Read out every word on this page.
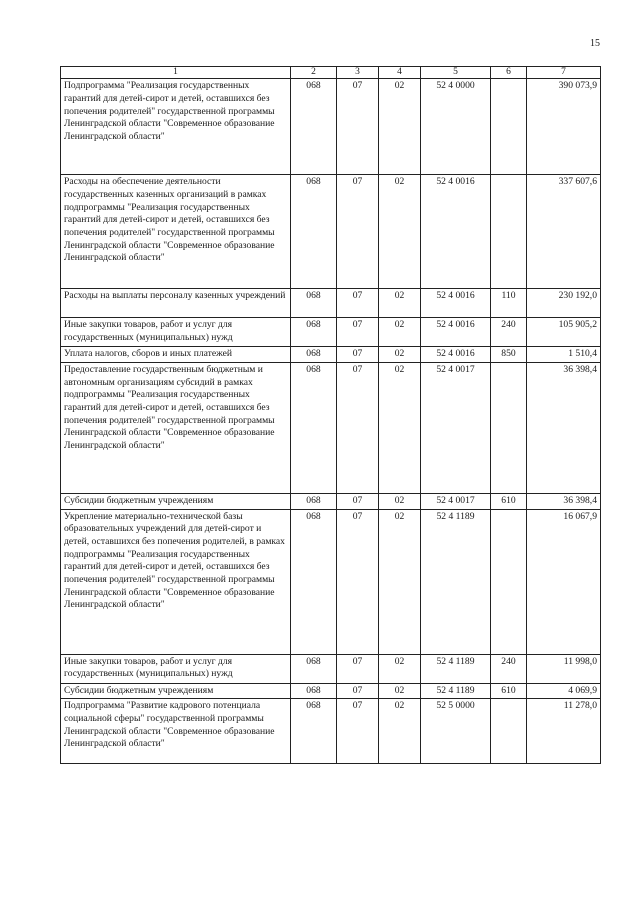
15
1	2	3	4	5	6	7
Подпрограмма "Реализация государственных гарантий для детей-сирот и детей, оставшихся без попечения родителей" государственной программы Ленинградской области "Современное образование Ленинградской области"	068	07	02	52 4 0000		390 073,9
Расходы на обеспечение деятельности государственных казенных организаций в рамках подпрограммы "Реализация государственных гарантий для детей-сирот и детей, оставшихся без попечения родителей" государственной программы Ленинградской области "Современное образование Ленинградской области"	068	07	02	52 4 0016		337 607,6
Расходы на выплаты персоналу казенных учреждений	068	07	02	52 4 0016	110	230 192,0
Иные закупки товаров, работ и услуг для государственных (муниципальных) нужд	068	07	02	52 4 0016	240	105 905,2
Уплата налогов, сборов и иных платежей	068	07	02	52 4 0016	850	1 510,4
Предоставление государственным бюджетным и автономным организациям субсидий в рамках подпрограммы "Реализация государственных гарантий для детей-сирот и детей, оставшихся без попечения родителей" государственной программы Ленинградской области "Современное образование Ленинградской области"	068	07	02	52 4 0017		36 398,4
Субсидии бюджетным учреждениям	068	07	02	52 4 0017	610	36 398,4
Укрепление материально-технической базы образовательных учреждений для детей-сирот и детей, оставшихся без попечения родителей, в рамках подпрограммы "Реализация государственных гарантий для детей-сирот и детей, оставшихся без попечения родителей" государственной программы Ленинградской области "Современное образование Ленинградской области"	068	07	02	52 4 1189		16 067,9
Иные закупки товаров, работ и услуг для государственных (муниципальных) нужд	068	07	02	52 4 1189	240	11 998,0
Субсидии бюджетным учреждениям	068	07	02	52 4 1189	610	4 069,9
Подпрограмма "Развитие кадрового потенциала социальной сферы" государственной программы Ленинградской области "Современное образование Ленинградской области"	068	07	02	52 5 0000		11 278,0
